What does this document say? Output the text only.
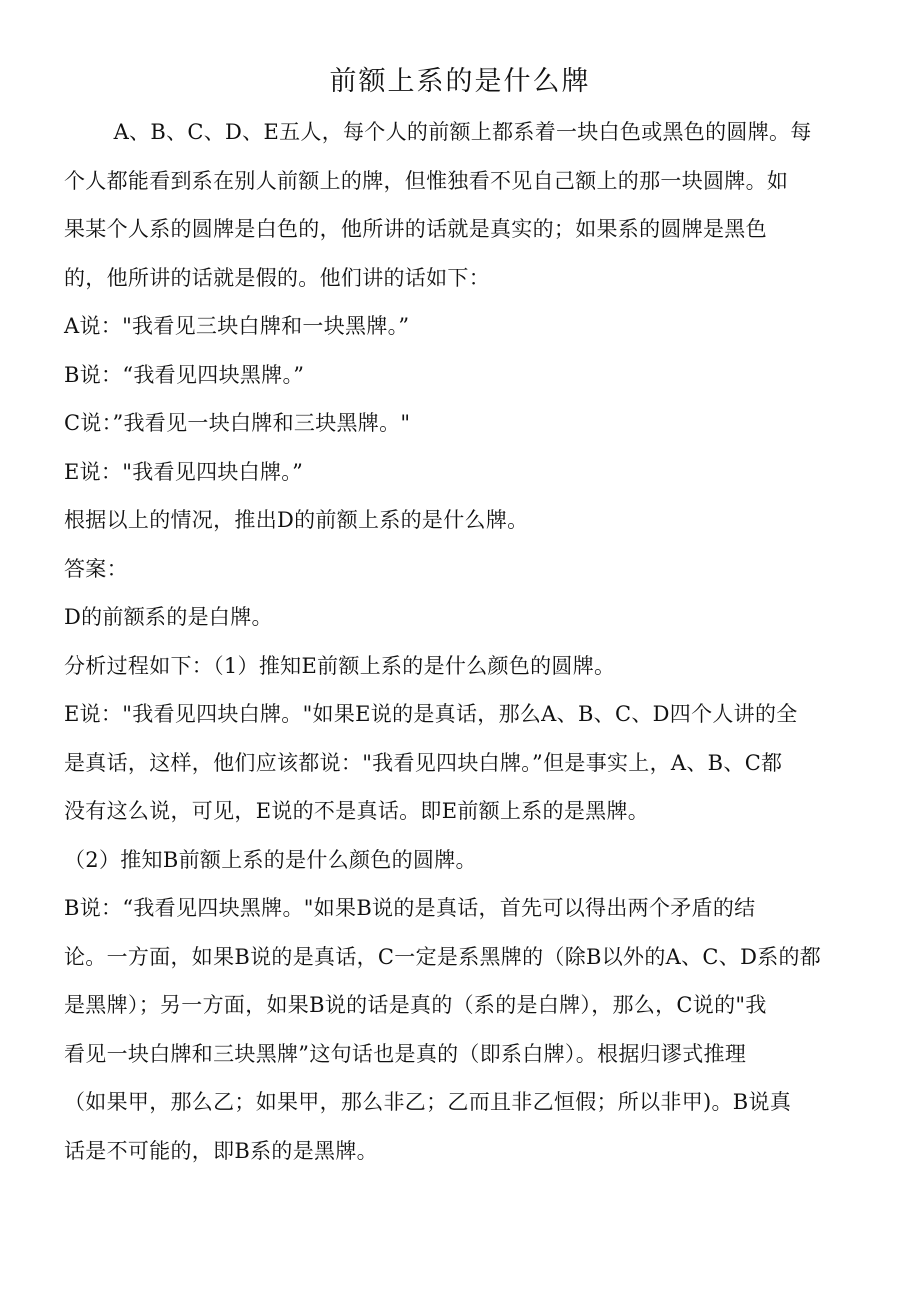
前额上系的是什么牌
　　 A、B、C、D、E五人，每个人的前额上都系着一块白色或黑色的圆牌。每
个人都能看到系在别人前额上的牌，但惟独看不见自己额上的那一块圆牌。如
果某个人系的圆牌是白色的，他所讲的话就是真实的；如果系的圆牌是黑色
的，他所讲的话就是假的。他们讲的话如下：
A说："我看见三块白牌和一块黑牌。”
B说：“我看见四块黑牌。”
C说：”我看见一块白牌和三块黑牌。"
E说："我看见四块白牌。”
根据以上的情况，推出D的前额上系的是什么牌。
答案：
D的前额系的是白牌。
分析过程如下：（1）推知E前额上系的是什么颜色的圆牌。
E说："我看见四块白牌。"如果E说的是真话，那么A、B、C、D四个人讲的全
是真话，这样，他们应该都说："我看见四块白牌。”但是事实上，A、B、C都
没有这么说，可见，E说的不是真话。即E前额上系的是黑牌。
（2）推知B前额上系的是什么颜色的圆牌。
B说：“我看见四块黑牌。"如果B说的是真话，首先可以得出两个矛盾的结
论。一方面，如果B说的是真话，C一定是系黑牌的（除B以外的A、C、D系的都
是黑牌）；另一方面，如果B说的话是真的（系的是白牌），那么，C说的"我
看见一块白牌和三块黑牌”这句话也是真的（即系白牌）。根据归谬式推理
（如果甲，那么乙；如果甲，那么非乙；乙而且非乙恒假；所以非甲)。B说真
话是不可能的，即B系的是黑牌。
